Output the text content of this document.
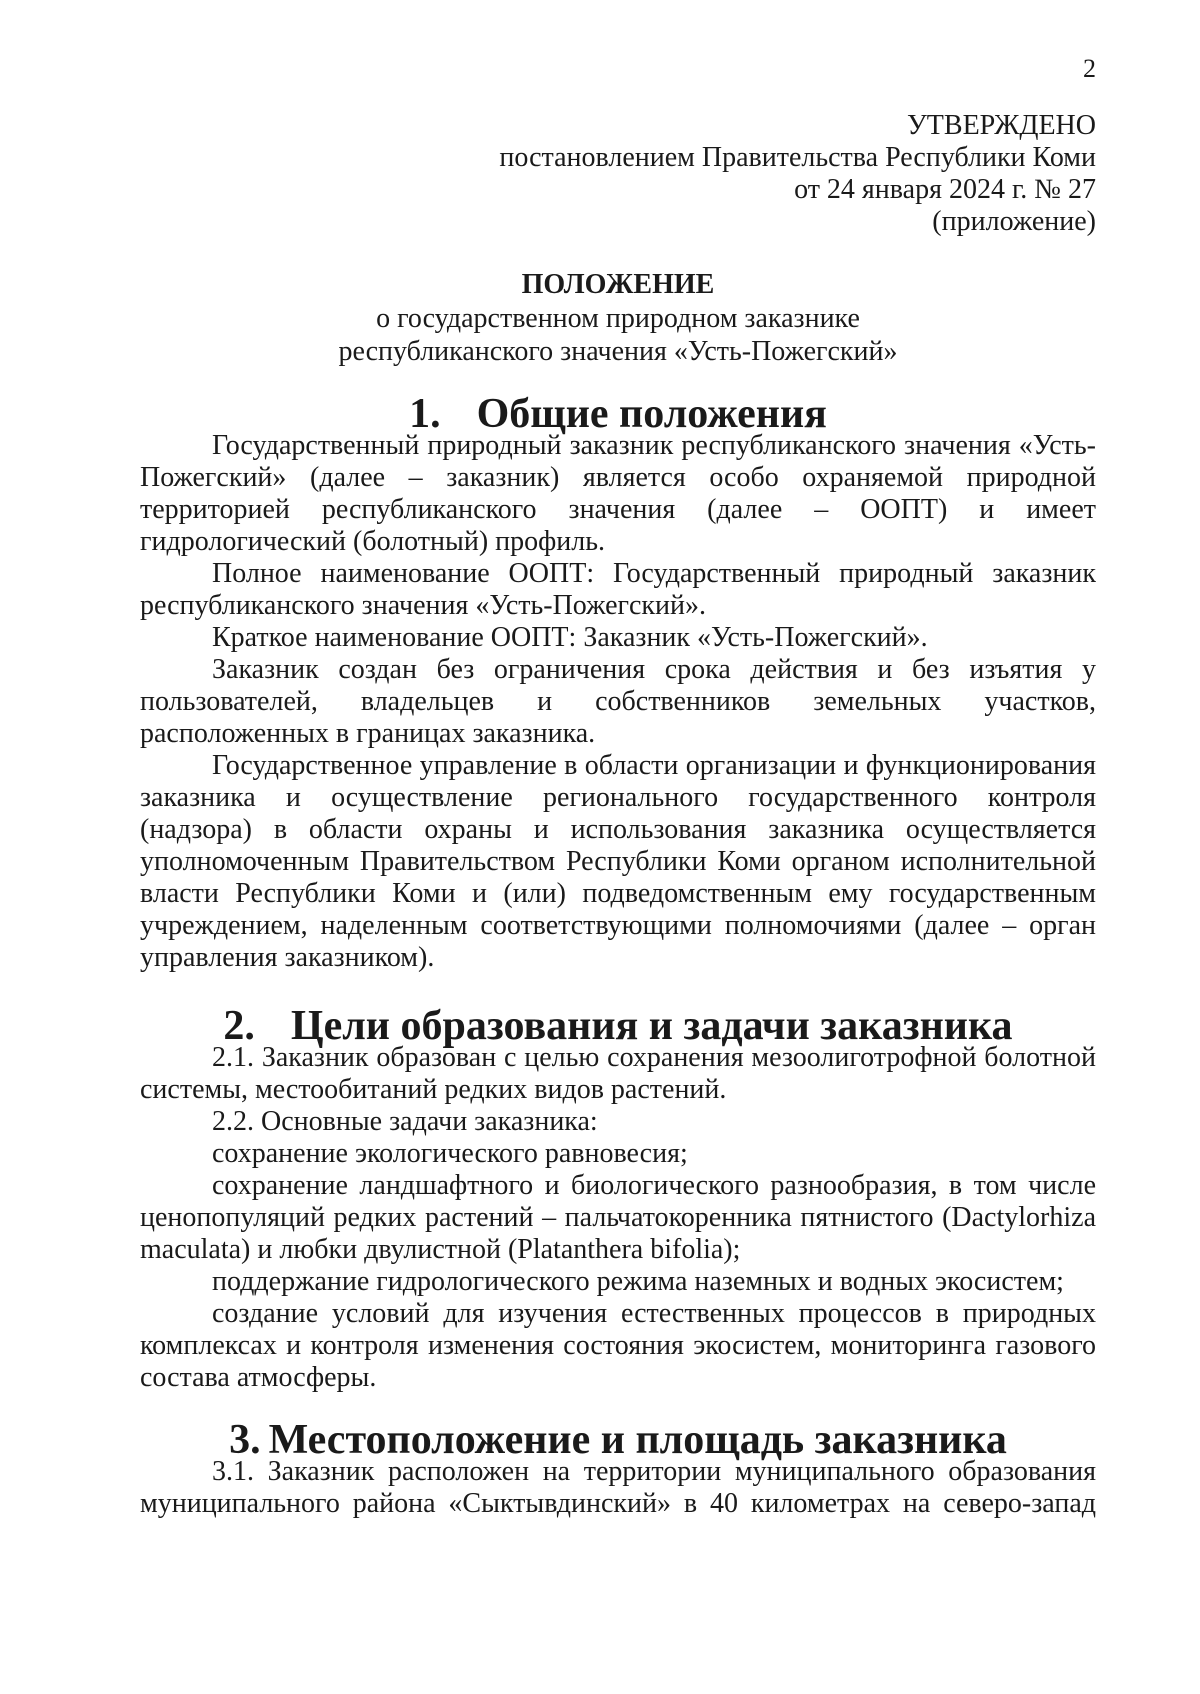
2
УТВЕРЖДЕНО
постановлением Правительства Республики Коми
от 24 января 2024 г. № 27
(приложение)
ПОЛОЖЕНИЕ
о государственном природном заказнике
республиканского значения «Усть-Пожегский»
1. Общие положения

Государственный природный заказник республиканского значения «Усть-Пожегский» (далее – заказник) является особо охраняемой природной территорией республиканского значения (далее – ООПТ) и имеет гидрологический (болотный) профиль.

Полное наименование ООПТ: Государственный природный заказник республиканского значения «Усть-Пожегский».

Краткое наименование ООПТ: Заказник «Усть-Пожегский».

Заказник создан без ограничения срока действия и без изъятия у пользователей, владельцев и собственников земельных участков, расположенных в границах заказника.

Государственное управление в области организации и функционирования заказника и осуществление регионального государственного контроля (надзора) в области охраны и использования заказника осуществляется уполномоченным Правительством Республики Коми органом исполнительной власти Республики Коми и (или) подведомственным ему государственным учреждением, наделенным соответствующими полномочиями (далее – орган управления заказником).

2. Цели образования и задачи заказника

2.1. Заказник образован с целью сохранения мезоолиготрофной болотной системы, местообитаний редких видов растений.

2.2. Основные задачи заказника:

сохранение экологического равновесия;

сохранение ландшафтного и биологического разнообразия, в том числе ценопопуляций редких растений – пальчатокоренника пятнистого (Dactylorhiza maculata) и любки двулистной (Platanthera bifolia);

поддержание гидрологического режима наземных и водных экосистем;

создание условий для изучения естественных процессов в природных комплексах и контроля изменения состояния экосистем, мониторинга газового состава атмосферы.

3. Местоположение и площадь заказника

3.1. Заказник расположен на территории муниципального образования муниципального района «Сыктывдинский» в 40 километрах на северо-запад
